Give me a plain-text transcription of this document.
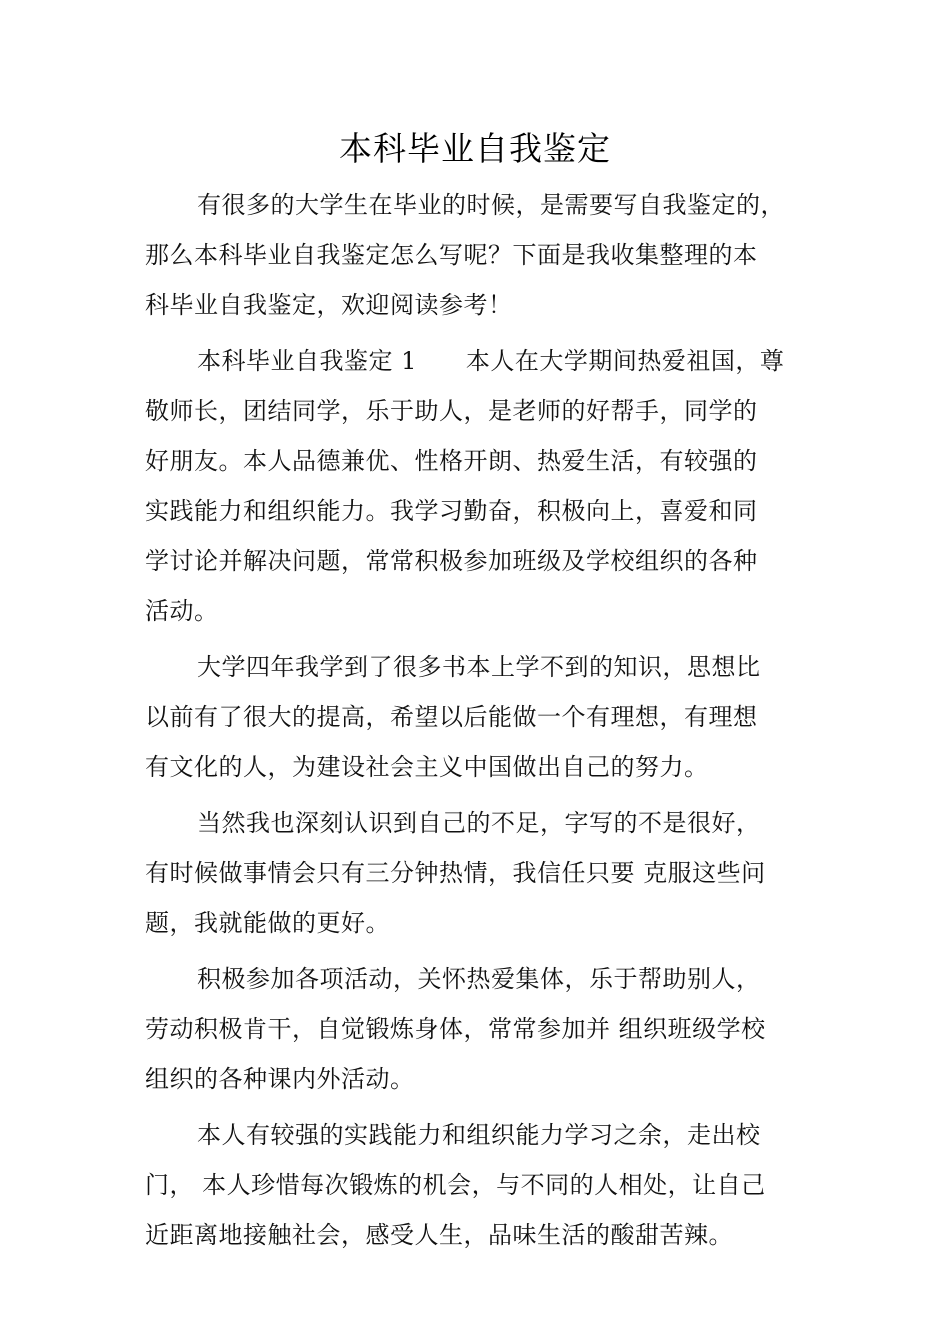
本科毕业自我鉴定

有很多的大学生在毕业的时候，是需要写自我鉴定的，
那么本科毕业自我鉴定怎么写呢？下面是我收集整理的本
科毕业自我鉴定，欢迎阅读参考！

本科毕业自我鉴定 1　　本人在大学期间热爱祖国，尊
敬师长，团结同学，乐于助人，是老师的好帮手，同学的
好朋友。本人品德兼优、性格开朗、热爱生活，有较强的
实践能力和组织能力。我学习勤奋，积极向上，喜爱和同
学讨论并解决问题，常常积极参加班级及学校组织的各种
活动。

大学四年我学到了很多书本上学不到的知识，思想比
以前有了很大的提高，希望以后能做一个有理想，有理想
有文化的人，为建设社会主义中国做出自己的努力。

当然我也深刻认识到自己的不足，字写的不是很好，
有时候做事情会只有三分钟热情，我信任只要 克服这些问
题，我就能做的更好。

积极参加各项活动，关怀热爱集体，乐于帮助别人，
劳动积极肯干，自觉锻炼身体，常常参加并 组织班级学校
组织的各种课内外活动。

本人有较强的实践能力和组织能力学习之余，走出校
门， 本人珍惜每次锻炼的机会，与不同的人相处，让自己
近距离地接触社会，感受人生，品味生活的酸甜苦辣。
